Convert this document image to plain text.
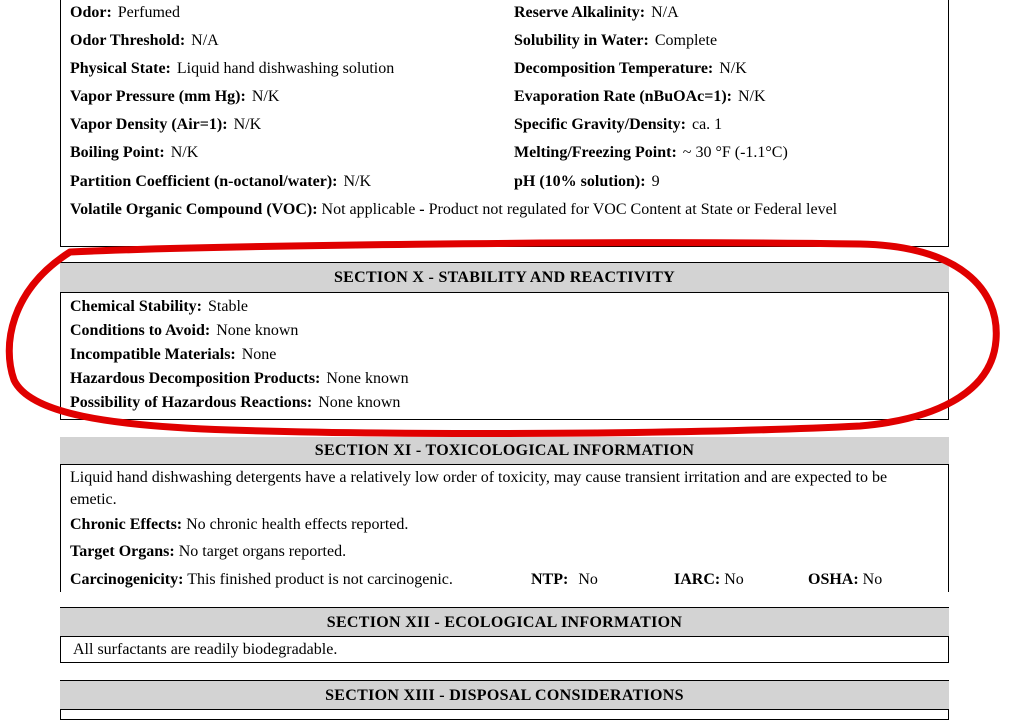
Odor: Perfumed	Reserve Alkalinity: N/A
Odor Threshold: N/A	Solubility in Water: Complete
Physical State: Liquid hand dishwashing solution	Decomposition Temperature: N/K
Vapor Pressure (mm Hg): N/K	Evaporation Rate (nBuOAc=1): N/K
Vapor Density (Air=1): N/K	Specific Gravity/Density: ca. 1
Boiling Point: N/K	Melting/Freezing Point: ~ 30 °F (-1.1°C)
Partition Coefficient (n-octanol/water): N/K	pH (10% solution): 9
Volatile Organic Compound (VOC): Not applicable - Product not regulated for VOC Content at State or Federal level
SECTION X - STABILITY AND REACTIVITY
Chemical Stability: Stable
Conditions to Avoid: None known
Incompatible Materials: None
Hazardous Decomposition Products: None known
Possibility of Hazardous Reactions: None known
SECTION XI - TOXICOLOGICAL INFORMATION
Liquid hand dishwashing detergents have a relatively low order of toxicity, may cause transient irritation and are expected to be emetic.
Chronic Effects: No chronic health effects reported.
Target Organs: No target organs reported.
Carcinogenicity: This finished product is not carcinogenic.	NTP: No	IARC: No	OSHA: No
SECTION XII - ECOLOGICAL INFORMATION
All surfactants are readily biodegradable.
SECTION XIII - DISPOSAL CONSIDERATIONS
